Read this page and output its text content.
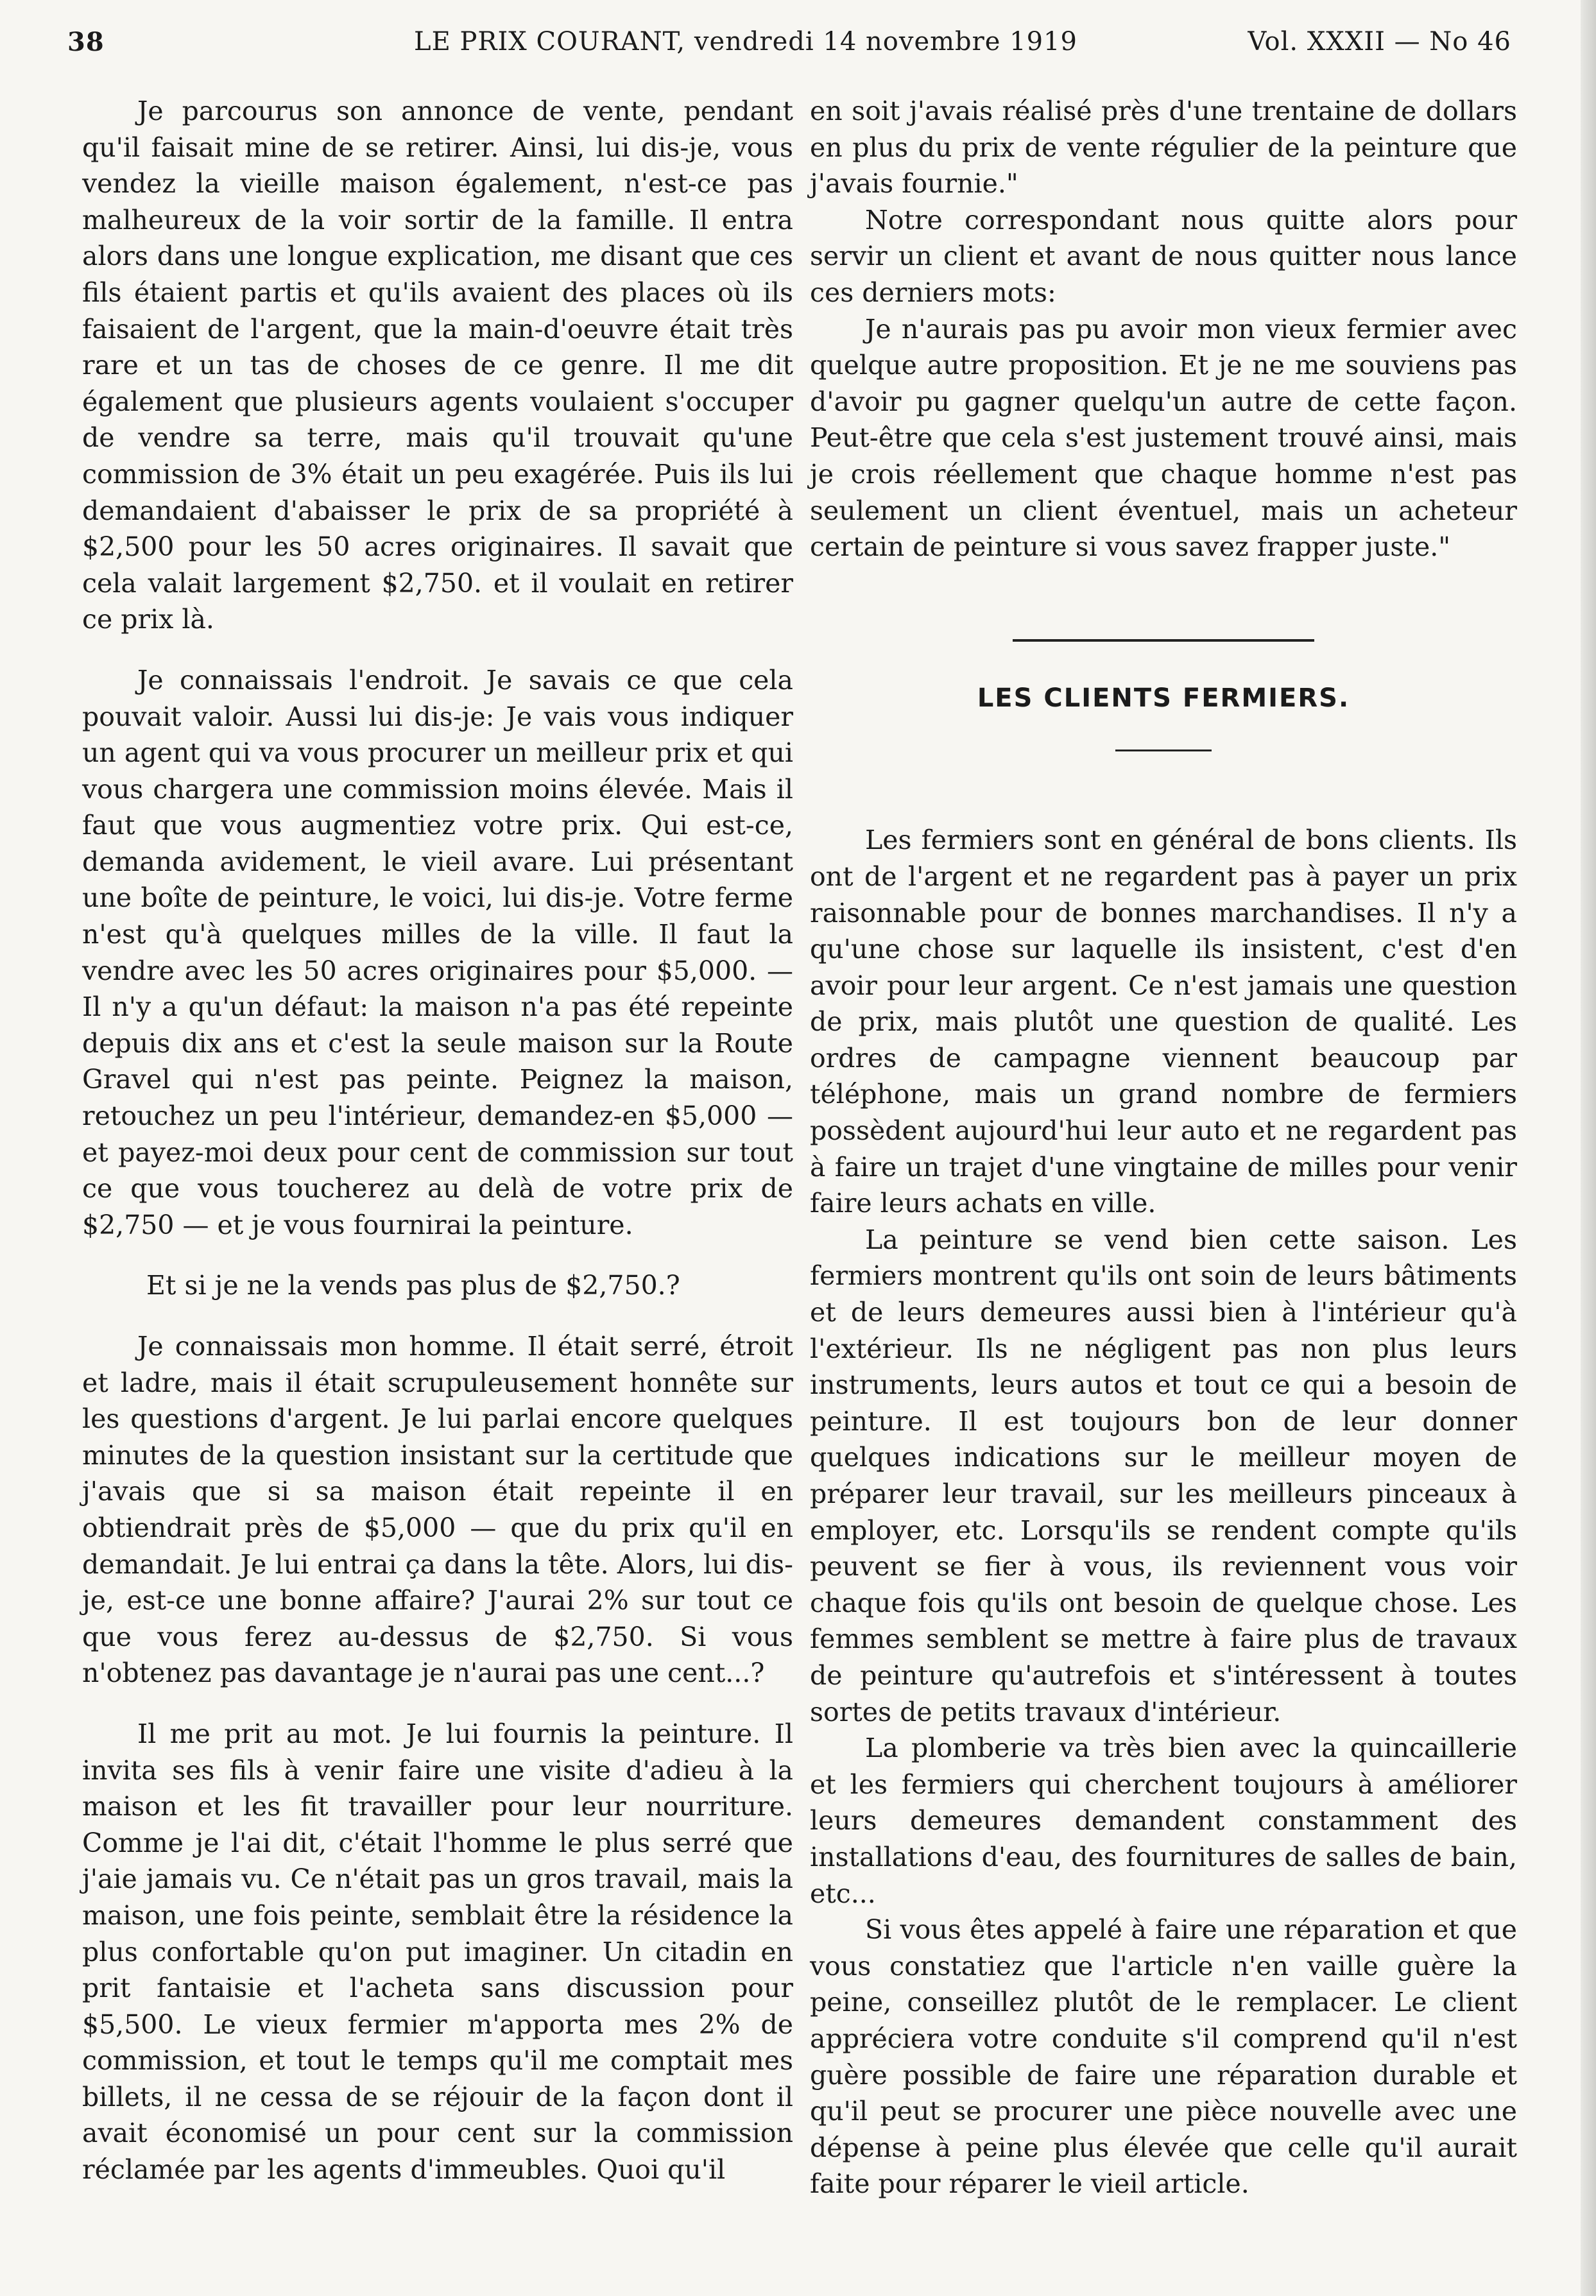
38	LE PRIX COURANT, vendredi 14 novembre 1919	Vol. XXXII — No 46

Je parcourus son annonce de vente, pendant qu'il faisait mine de se retirer. Ainsi, lui dis-je, vous vendez la vieille maison également, n'est-ce pas malheureux de la voir sortir de la famille. Il entra alors dans une longue explication, me disant que ces fils étaient partis et qu'ils avaient des places où ils faisaient de l'argent, que la main-d'oeuvre était très rare et un tas de choses de ce genre. Il me dit également que plusieurs agents voulaient s'occuper de vendre sa terre, mais qu'il trouvait qu'une commission de 3% était un peu exagérée. Puis ils lui demandaient d'abaisser le prix de sa propriété à $2,500 pour les 50 acres originaires. Il savait que cela valait largement $2,750. et il voulait en retirer ce prix là.

Je connaissais l'endroit. Je savais ce que cela pouvait valoir. Aussi lui dis-je: Je vais vous indiquer un agent qui va vous procurer un meilleur prix et qui vous chargera une commission moins élevée. Mais il faut que vous augmentiez votre prix. Qui est-ce, demanda avidement, le vieil avare. Lui présentant une boîte de peinture, le voici, lui dis-je. Votre ferme n'est qu'à quelques milles de la ville. Il faut la vendre avec les 50 acres originaires pour $5,000. — Il n'y a qu'un défaut: la maison n'a pas été repeinte depuis dix ans et c'est la seule maison sur la Route Gravel qui n'est pas peinte. Peignez la maison, retouchez un peu l'intérieur, demandez-en $5,000 — et payez-moi deux pour cent de commission sur tout ce que vous toucherez au delà de votre prix de $2,750 — et je vous fournirai la peinture.

Et si je ne la vends pas plus de $2,750.?

Je connaissais mon homme. Il était serré, étroit et ladre, mais il était scrupuleusement honnête sur les questions d'argent. Je lui parlai encore quelques minutes de la question insistant sur la certitude que j'avais que si sa maison était repeinte il en obtiendrait près de $5,000 — que du prix qu'il en demandait. Je lui entrai ça dans la tête. Alors, lui dis-je, est-ce une bonne affaire? J'aurai 2% sur tout ce que vous ferez au-dessus de $2,750. Si vous n'obtenez pas davantage je n'aurai pas une cent...?

Il me prit au mot. Je lui fournis la peinture. Il invita ses fils à venir faire une visite d'adieu à la maison et les fit travailler pour leur nourriture. Comme je l'ai dit, c'était l'homme le plus serré que j'aie jamais vu. Ce n'était pas un gros travail, mais la maison, une fois peinte, semblait être la résidence la plus confortable qu'on put imaginer. Un citadin en prit fantaisie et l'acheta sans discussion pour $5,500. Le vieux fermier m'apporta mes 2% de commission, et tout le temps qu'il me comptait mes billets, il ne cessa de se réjouir de la façon dont il avait économisé un pour cent sur la commission réclamée par les agents d'immeubles. Quoi qu'il

en soit j'avais réalisé près d'une trentaine de dollars en plus du prix de vente régulier de la peinture que j'avais fournie."

Notre correspondant nous quitte alors pour servir un client et avant de nous quitter nous lance ces derniers mots:

Je n'aurais pas pu avoir mon vieux fermier avec quelque autre proposition. Et je ne me souviens pas d'avoir pu gagner quelqu'un autre de cette façon. Peut-être que cela s'est justement trouvé ainsi, mais je crois réellement que chaque homme n'est pas seulement un client éventuel, mais un acheteur certain de peinture si vous savez frapper juste."

LES CLIENTS FERMIERS.

Les fermiers sont en général de bons clients. Ils ont de l'argent et ne regardent pas à payer un prix raisonnable pour de bonnes marchandises. Il n'y a qu'une chose sur laquelle ils insistent, c'est d'en avoir pour leur argent. Ce n'est jamais une question de prix, mais plutôt une question de qualité. Les ordres de campagne viennent beaucoup par téléphone, mais un grand nombre de fermiers possèdent aujourd'hui leur auto et ne regardent pas à faire un trajet d'une vingtaine de milles pour venir faire leurs achats en ville.

La peinture se vend bien cette saison. Les fermiers montrent qu'ils ont soin de leurs bâtiments et de leurs demeures aussi bien à l'intérieur qu'à l'extérieur. Ils ne négligent pas non plus leurs instruments, leurs autos et tout ce qui a besoin de peinture. Il est toujours bon de leur donner quelques indications sur le meilleur moyen de préparer leur travail, sur les meilleurs pinceaux à employer, etc. Lorsqu'ils se rendent compte qu'ils peuvent se fier à vous, ils reviennent vous voir chaque fois qu'ils ont besoin de quelque chose. Les femmes semblent se mettre à faire plus de travaux de peinture qu'autrefois et s'intéressent à toutes sortes de petits travaux d'intérieur.

La plomberie va très bien avec la quincaillerie et les fermiers qui cherchent toujours à améliorer leurs demeures demandent constamment des installations d'eau, des fournitures de salles de bain, etc...

Si vous êtes appelé à faire une réparation et que vous constatiez que l'article n'en vaille guère la peine, conseillez plutôt de le remplacer. Le client appréciera votre conduite s'il comprend qu'il n'est guère possible de faire une réparation durable et qu'il peut se procurer une pièce nouvelle avec une dépense à peine plus élevée que celle qu'il aurait faite pour réparer le vieil article.
